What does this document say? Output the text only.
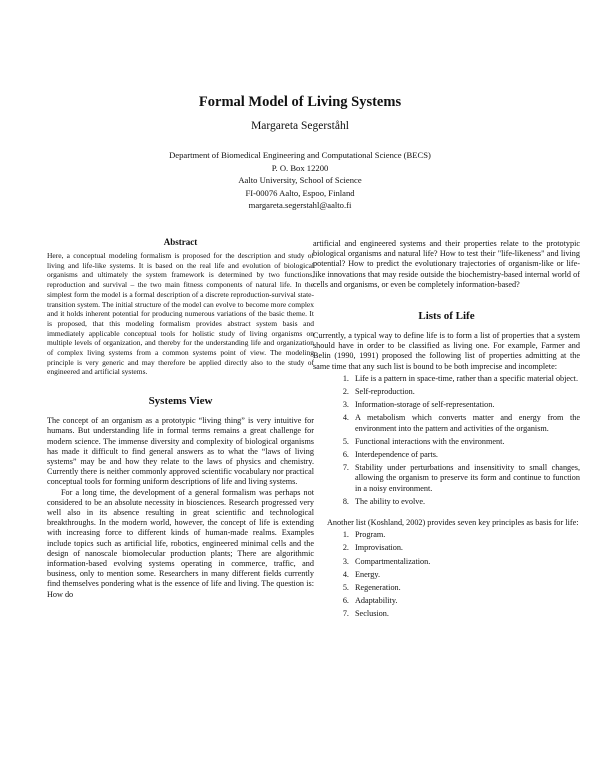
Formal Model of Living Systems
Margareta Segerståhl
Department of Biomedical Engineering and Computational Science (BECS)
P. O. Box 12200
Aalto University, School of Science
FI-00076 Aalto, Espoo, Finland
margareta.segerstahl@aalto.fi
Abstract

Here, a conceptual modeling formalism is proposed for the description and study of living and life-like systems. It is based on the real life and evolution of biological organisms and ultimately the system framework is determined by two functions, reproduction and survival – the two main fitness components of natural life. In the simplest form the model is a formal description of a discrete reproduction-survival state-transition system. The initial structure of the model can evolve to become more complex and it holds inherent potential for producing numerous variations of the basic theme. It is proposed, that this modeling formalism provides abstract system basis and immediately applicable conceptual tools for holistic study of living organisms on multiple levels of organization, and thereby for the understanding life and organization of complex living systems from a common systems point of view. The modeling principle is very generic and may therefore be applied directly also to the study of engineered and artificial systems.

Systems View

The concept of an organism as a prototypic “living thing” is very intuitive for humans. But understanding life in formal terms remains a great challenge for modern science. The immense diversity and complexity of biological organisms has made it difficult to find general answers as to what the “laws of living systems” may be and how they relate to the laws of physics and chemistry. Currently there is neither commonly approved scientific vocabulary nor practical conceptual tools for forming uniform descriptions of life and living systems.

For a long time, the development of a general formalism was perhaps not considered to be an absolute necessity in biosciences. Research progressed very well also in its absence resulting in great scientific and technological breakthroughs. In the modern world, however, the concept of life is extending with increasing force to different kinds of human-made realms. Examples include topics such as artificial life, robotics, engineered minimal cells and the design of nanoscale biomolecular production plants; There are algorithmic information-based evolving systems operating in commerce, traffic, and business, only to mention some. Researchers in many different fields currently find themselves pondering what is the essence of life and living. The question is: How do

artificial and engineered systems and their properties relate to the prototypic biological organisms and natural life? How to test their "life-likeness" and living potential? How to predict the evolutionary trajectories of organism-like or life-like innovations that may reside outside the biochemistry-based internal world of cells and organisms, or even be completely information-based?

Lists of Life

Currently, a typical way to define life is to form a list of properties that a system should have in order to be classified as living one. For example, Farmer and Belin (1990, 1991) proposed the following list of properties admitting at the same time that any such list is bound to be both imprecise and incomplete:

1. Life is a pattern in space-time, rather than a specific material object.
2. Self-reproduction.
3. Information-storage of self-representation.
4. A metabolism which converts matter and energy from the environment into the pattern and activities of the organism.
5. Functional interactions with the environment.
6. Interdependence of parts.
7. Stability under perturbations and insensitivity to small changes, allowing the organism to preserve its form and continue to function in a noisy environment.
8. The ability to evolve.

Another list (Koshland, 2002) provides seven key principles as basis for life:

1. Program.
2. Improvisation.
3. Compartmentalization.
4. Energy.
5. Regeneration.
6. Adaptability.
7. Seclusion.
